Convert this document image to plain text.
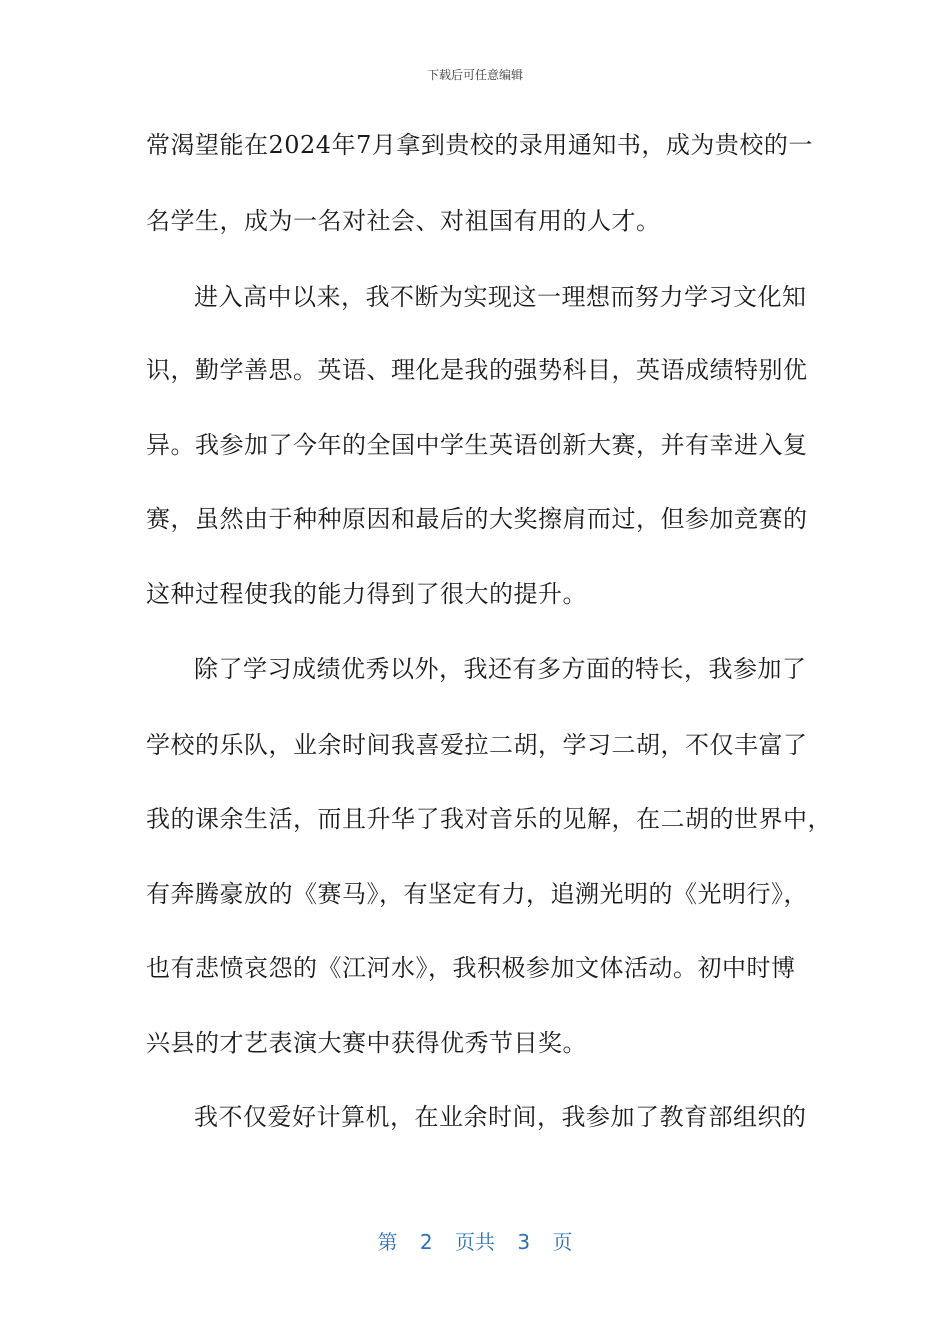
下载后可任意编辑
常渴望能在2024年7月拿到贵校的录用通知书，成为贵校的一
名学生，成为一名对社会、对祖国有用的人才。
进入高中以来，我不断为实现这一理想而努力学习文化知
识，勤学善思。英语、理化是我的强势科目，英语成绩特别优
异。我参加了今年的全国中学生英语创新大赛，并有幸进入复
赛，虽然由于种种原因和最后的大奖擦肩而过，但参加竞赛的
这种过程使我的能力得到了很大的提升。
除了学习成绩优秀以外，我还有多方面的特长，我参加了
学校的乐队，业余时间我喜爱拉二胡，学习二胡，不仅丰富了
我的课余生活，而且升华了我对音乐的见解，在二胡的世界中，
有奔腾豪放的《赛马》，有坚定有力，追溯光明的《光明行》，
也有悲愤哀怨的《江河水》，我积极参加文体活动。初中时博
兴县的才艺表演大赛中获得优秀节目奖。
我不仅爱好计算机，在业余时间，我参加了教育部组织的
第 2 页共 3 页
